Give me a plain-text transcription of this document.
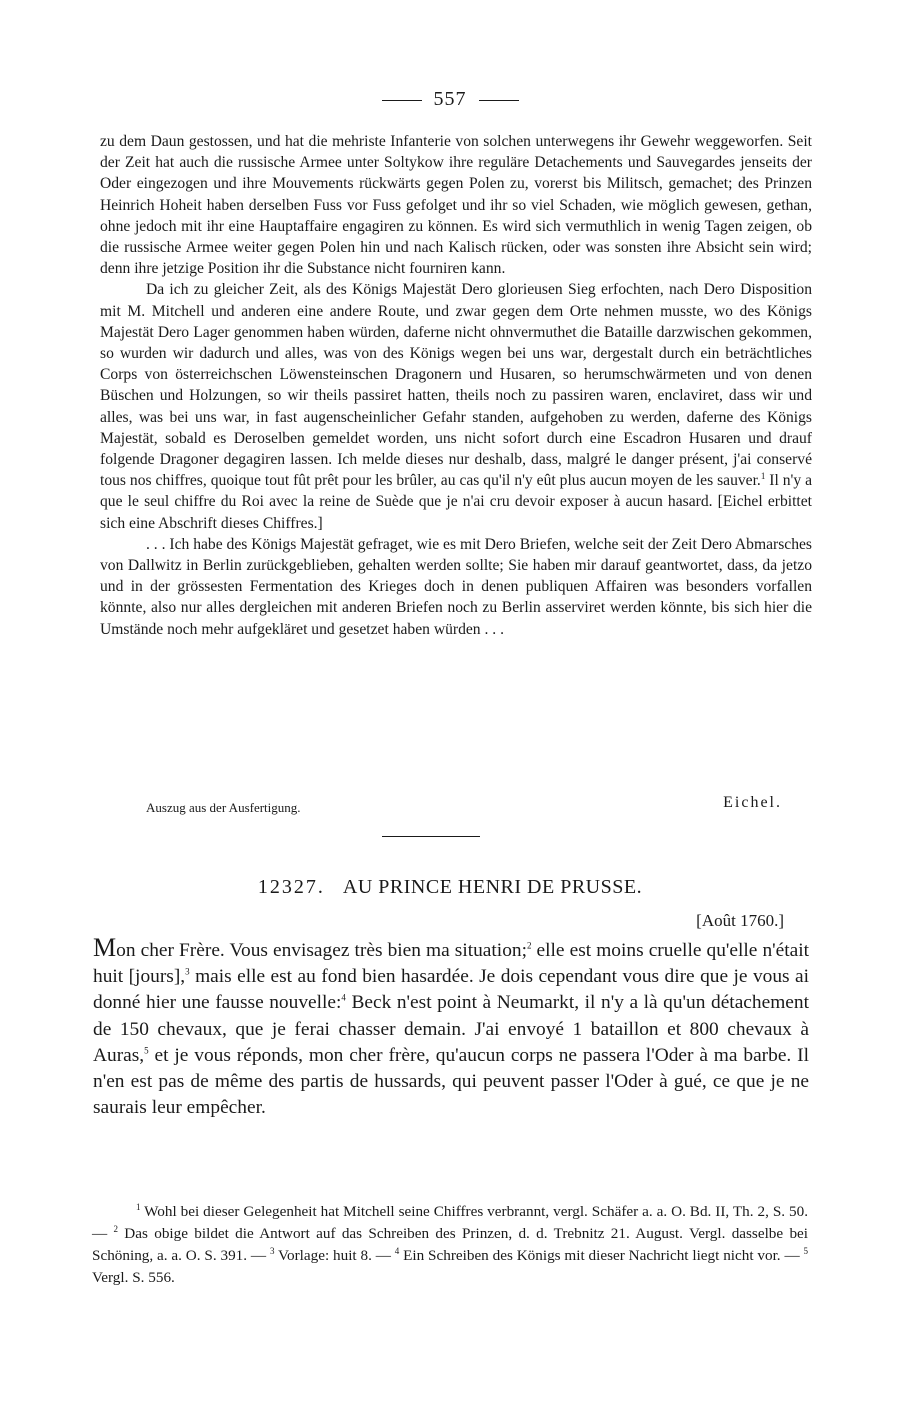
557

zu dem Daun gestossen, und hat die mehriste Infanterie von solchen unterwegens ihr Gewehr weggeworfen. Seit der Zeit hat auch die russische Armee unter Soltykow ihre reguläre Detachements und Sauvegardes jenseits der Oder eingezogen und ihre Mouvements rückwärts gegen Polen zu, vorerst bis Militsch, gemachet; des Prinzen Heinrich Hoheit haben derselben Fuss vor Fuss gefolget und ihr so viel Schaden, wie möglich gewesen, gethan, ohne jedoch mit ihr eine Hauptaffaire engagiren zu können. Es wird sich vermuthlich in wenig Tagen zeigen, ob die russische Armee weiter gegen Polen hin und nach Kalisch rücken, oder was sonsten ihre Absicht sein wird; denn ihre jetzige Position ihr die Substance nicht fourniren kann.

Da ich zu gleicher Zeit, als des Königs Majestät Dero glorieusen Sieg erfochten, nach Dero Disposition mit M. Mitchell und anderen eine andere Route, und zwar gegen dem Orte nehmen musste, wo des Königs Majestät Dero Lager genommen haben würden, daferne nicht ohnvermuthet die Bataille darzwischen gekommen, so wurden wir dadurch und alles, was von des Königs wegen bei uns war, dergestalt durch ein beträchtliches Corps von österreichschen Löwensteinschen Dragonern und Husaren, so herumschwärmeten und von denen Büschen und Holzungen, so wir theils passiret hatten, theils noch zu passiren waren, enclaviret, dass wir und alles, was bei uns war, in fast augenscheinlicher Gefahr standen, aufgehoben zu werden, daferne des Königs Majestät, sobald es Deroselben gemeldet worden, uns nicht sofort durch eine Escadron Husaren und drauf folgende Dragoner degagiren lassen. Ich melde dieses nur deshalb, dass, malgré le danger présent, j'ai conservé tous nos chiffres, quoique tout fût prêt pour les brûler, au cas qu'il n'y eût plus aucun moyen de les sauver.$^1$ Il n'y a que le seul chiffre du Roi avec la reine de Suède que je n'ai cru devoir exposer à aucun hasard. [Eichel erbittet sich eine Abschrift dieses Chiffres.]

. . . Ich habe des Königs Majestät gefraget, wie es mit Dero Briefen, welche seit der Zeit Dero Abmarsches von Dallwitz in Berlin zurückgeblieben, gehalten werden sollte; Sie haben mir darauf geantwortet, dass, da jetzo und in der grössesten Fermentation des Krieges doch in denen publiquen Affairen was besonders vorfallen könnte, also nur alles dergleichen mit anderen Briefen noch zu Berlin asserviret werden könnte, bis sich hier die Umstände noch mehr aufgekläret und gesetzet haben würden . . .

Auszug aus der Ausfertigung.	Eichel.
12327. AU PRINCE HENRI DE PRUSSE.
[Août 1760.]

Mon cher Frère. Vous envisagez très bien ma situation;$^2$ elle est moins cruelle qu'elle n'était huit [jours],$^3$ mais elle est au fond bien hasardée. Je dois cependant vous dire que je vous ai donné hier une fausse nouvelle:$^4$ Beck n'est point à Neumarkt, il n'y a là qu'un détachement de 150 chevaux, que je ferai chasser demain. J'ai envoyé 1 bataillon et 800 chevaux à Auras,$^5$ et je vous réponds, mon cher frère, qu'aucun corps ne passera l'Oder à ma barbe. Il n'en est pas de même des partis de hussards, qui peuvent passer l'Oder à gué, ce que je ne saurais leur empêcher.

$^1$ Wohl bei dieser Gelegenheit hat Mitchell seine Chiffres verbrannt, vergl. Schäfer a. a. O. Bd. II, Th. 2, S. 50. — $^2$ Das obige bildet die Antwort auf das Schreiben des Prinzen, d. d. Trebnitz 21. August. Vergl. dasselbe bei Schöning, a. a. O. S. 391. — $^3$ Vorlage: huit 8. — $^4$ Ein Schreiben des Königs mit dieser Nachricht liegt nicht vor. — $^5$ Vergl. S. 556.
